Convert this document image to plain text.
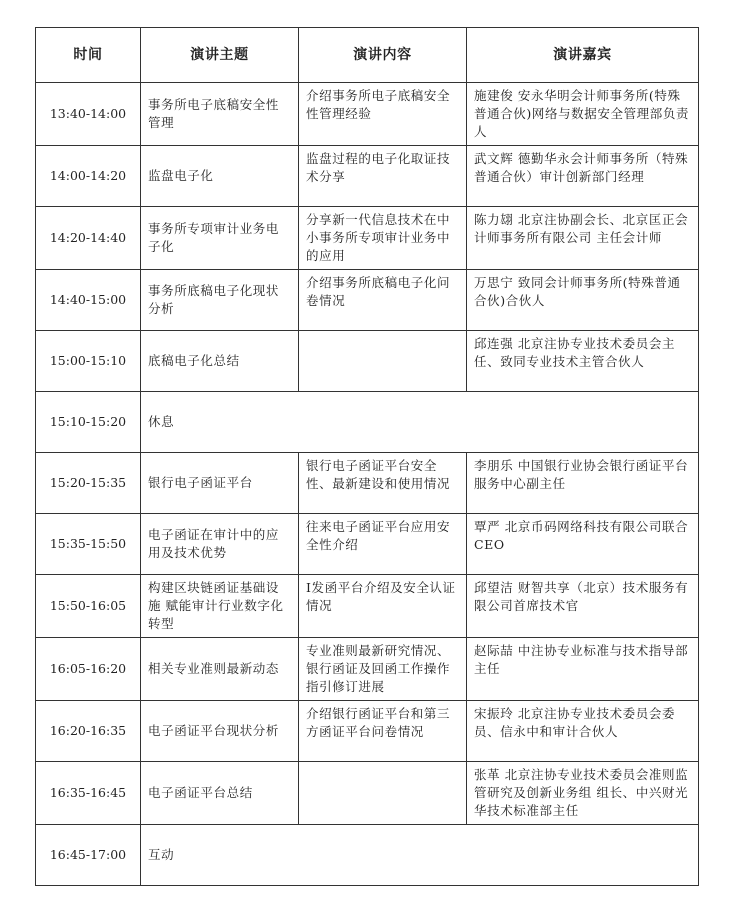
时间	演讲主题	演讲内容	演讲嘉宾
13:40-14:00	事务所电子底稿安全性管理	介绍事务所电子底稿安全性管理经验	施建俊 安永华明会计师事务所(特殊普通合伙)网络与数据安全管理部负责人
14:00-14:20	监盘电子化	监盘过程的电子化取证技术分享	武文辉 德勤华永会计师事务所（特殊普通合伙）审计创新部门经理
14:20-14:40	事务所专项审计业务电子化	分享新一代信息技术在中小事务所专项审计业务中的应用	陈力翃 北京注协副会长、北京匡正会计师事务所有限公司 主任会计师
14:40-15:00	事务所底稿电子化现状分析	介绍事务所底稿电子化问卷情况	万思宁 致同会计师事务所(特殊普通合伙)合伙人
15:00-15:10	底稿电子化总结		邱连强 北京注协专业技术委员会主任、致同专业技术主管合伙人
15:10-15:20	休息		
15:20-15:35	银行电子函证平台	银行电子函证平台安全性、最新建设和使用情况	李朋乐 中国银行业协会银行函证平台服务中心副主任
15:35-15:50	电子函证在审计中的应用及技术优势	往来电子函证平台应用安全性介绍	覃严 北京币码网络科技有限公司联合CEO
15:50-16:05	构建区块链函证基础设施 赋能审计行业数字化转型	I发函平台介绍及安全认证情况	邱望洁 财智共享（北京）技术服务有限公司首席技术官
16:05-16:20	相关专业准则最新动态	专业准则最新研究情况、银行函证及回函工作操作指引修订进展	赵际喆 中注协专业标准与技术指导部主任
16:20-16:35	电子函证平台现状分析	介绍银行函证平台和第三方函证平台问卷情况	宋振玲 北京注协专业技术委员会委员、信永中和审计合伙人
16:35-16:45	电子函证平台总结		张革 北京注协专业技术委员会准则监管研究及创新业务组 组长、中兴财光华技术标准部主任
16:45-17:00	互动		
